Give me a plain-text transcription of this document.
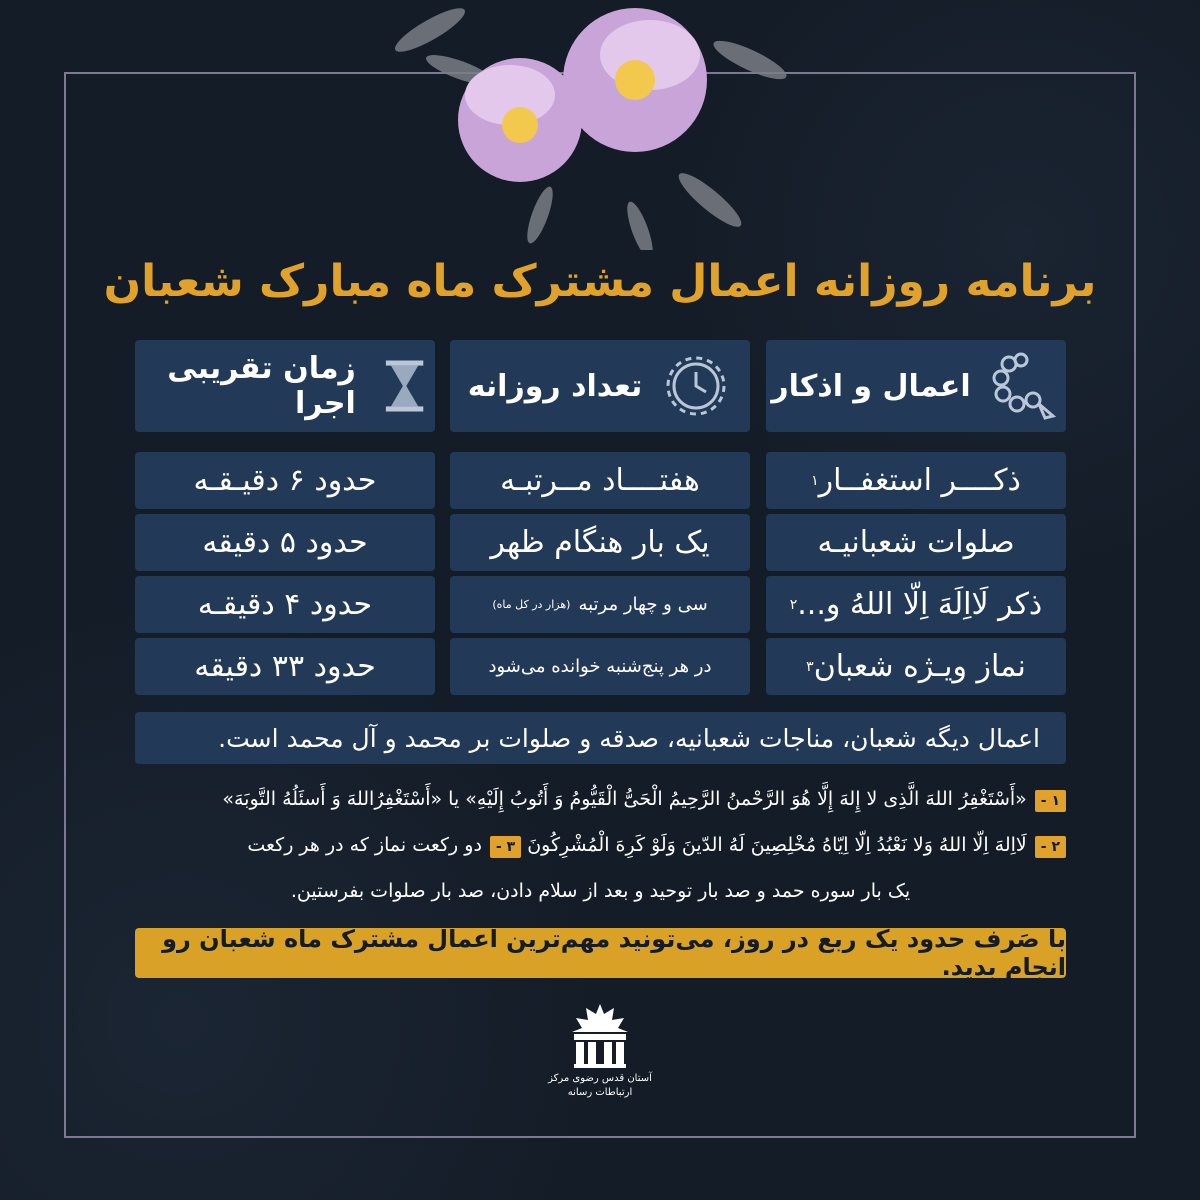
برنامه روزانه اعمال مشترک ماه مبارک شعبان
اعمال و اذکار
تعداد روزانه
زمان تقریبی اجرا
ذکــــر استغفــار
۱
هفتــــاد مــرتبـه
حدود ۶ دقیـقـه
صلوات شعبانیـه
یک بار هنگام ظهر
حدود ۵ دقیقه
ذکر لَااِلَهَ اِلّا اللهُ و...
۲
سی و چهار مرتبه
(هزار در کل ماه)
حدود ۴ دقیقـه
نماز ویـژه شعبان
۳
در هر پنج‌شنبه خوانده می‌شود
حدود ۳۳ دقیقه
اعمال دیگه شعبان، مناجات شعبانیه، صدقه و صلوات بر محمد و آل محمد است.
۱ -«أَسْتَغْفِرُ اللهَ الَّذِی لا إِلهَ إِلَّا هُوَ الرَّحْمنُ الرَّحِیمُ الْحَیُّ الْقَیُّومُ وَ أَتُوبُ إِلَیْهِ» یا «أَسْتَغْفِرُاللهَ وَ أَسئَلُهُ التَّوبَهَ»
۲ -لَااِلهَ اِلّا اللهُ وَلا نَعْبُدُ اِلّا اِیّاهُ مُخْلِصِینَ لَهُ الدّینَ وَلَوْ کَرِهَ الْمُشْرِکُونَ ۳ -دو رکعت نماز که در هر رکعت
یک بار سوره حمد و صد بار توحید و بعد از سلام دادن، صد بار صلوات بفرستین.
با صَرف حدود یک ربع در روز، می‌تونید مهم‌ترین اعمال مشترک ماه شعبان رو انجام بدید.
آستان قدس رضوی مرکز ارتباطات رسانه
